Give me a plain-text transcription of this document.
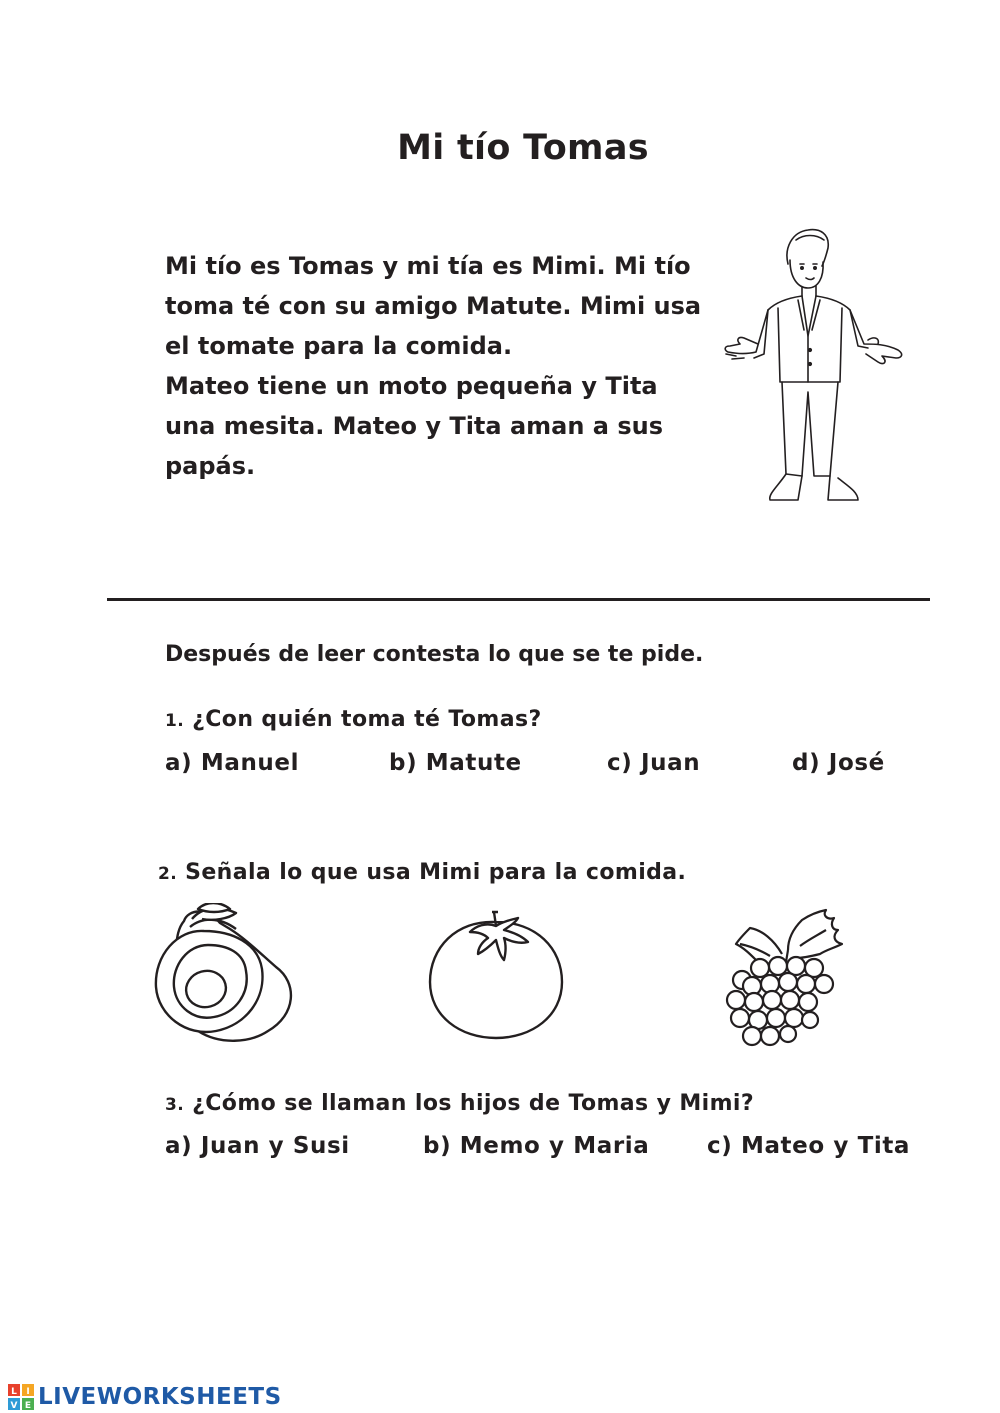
Mi tío Tomas
Mi tío es Tomas y mi tía es Mimi. Mi tío
toma té con su amigo Matute. Mimi usa
el tomate para la comida.
Mateo tiene un moto pequeña y Tita
una mesita. Mateo y Tita aman a sus
papás.
Después de leer contesta lo que se te pide.
1. ¿Con quién toma té Tomas?
a) Manuel	b) Matute	c) Juan	d) José
2. Señala lo que usa Mimi para la comida.
3. ¿Cómo se llaman los hijos de Tomas y Mimi?
a) Juan y Susi	b) Memo y Maria	c) Mateo y Tita
L I
V E LIVEWORKSHEETS
